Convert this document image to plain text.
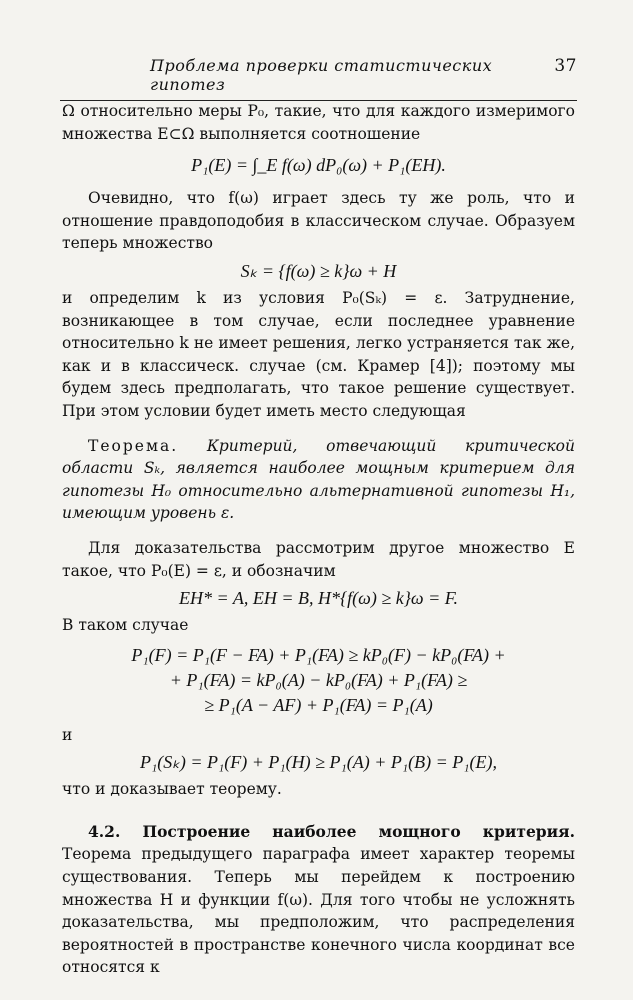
Проблема проверки статистических гипотез
37

Ω относительно меры P₀, такие, что для каждого измеримого множества E⊂Ω выполняется соотношение

P₁(E) = ∫_E f(ω) dP₀(ω) + P₁(EH).

Очевидно, что f(ω) играет здесь ту же роль, что и отношение правдоподобия в классическом случае. Образуем теперь множество

Sₖ = {f(ω) ≥ k}ω + H

и определим k из условия P₀(Sₖ) = ε. Затруднение, возникающее в том случае, если последнее уравнение относительно k не имеет решения, легко устраняется так же, как и в классическ. случае (см. Крамер [4]); поэтому мы будем здесь предполагать, что такое решение существует. При этом условии будет иметь место следующая

Теорема. Критерий, отвечающий критической области Sₖ, является наиболее мощным критерием для гипотезы H₀ относительно альтернативной гипотезы H₁, имеющим уровень ε.

Для доказательства рассмотрим другое множество E такое, что P₀(E) = ε, и обозначим

EH* = A, EH = B, H*{f(ω) ≥ k}ω = F.

В таком случае

P₁(F) = P₁(F − FA) + P₁(FA) ≥ kP₀(F) − kP₀(FA) +
+ P₁(FA) = kP₀(A) − kP₀(FA) + P₁(FA) ≥
≥ P₁(A − AF) + P₁(FA) = P₁(A)

и

P₁(Sₖ) = P₁(F) + P₁(H) ≥ P₁(A) + P₁(B) = P₁(E),

что и доказывает теорему.

4.2. Построение наиболее мощного критерия. Теорема предыдущего параграфа имеет характер теоремы существования. Теперь мы перейдем к построению множества H и функции f(ω). Для того чтобы не усложнять доказательства, мы предположим, что распределения вероятностей в пространстве конечного числа координат все относятся к
